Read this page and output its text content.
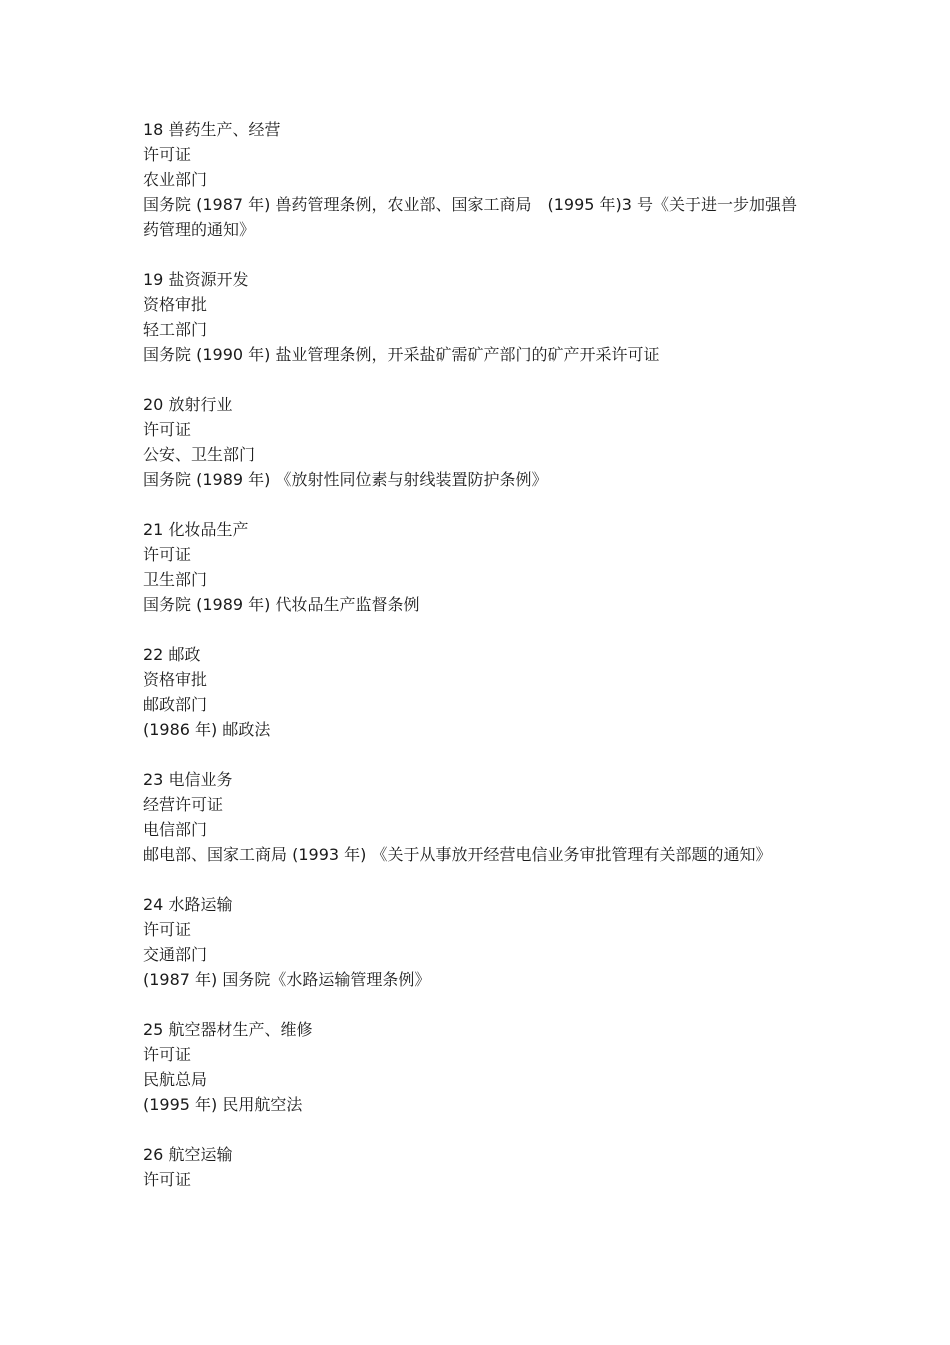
18 兽药生产、经营

许可证

农业部门

国务院 (1987 年) 兽药管理条例，农业部、国家工商局　(1995 年)3 号《关于进一步加强兽药管理的通知》

19 盐资源开发

资格审批

轻工部门

国务院 (1990 年) 盐业管理条例，开采盐矿需矿产部门的矿产开采许可证

20 放射行业

许可证

公安、卫生部门

国务院 (1989 年) 《放射性同位素与射线装置防护条例》

21 化妆品生产

许可证

卫生部门

国务院 (1989 年) 代妆品生产监督条例

22 邮政

资格审批

邮政部门

(1986 年) 邮政法

23 电信业务

经营许可证

电信部门

邮电部、国家工商局 (1993 年) 《关于从事放开经营电信业务审批管理有关部题的通知》

24 水路运输

许可证

交通部门

(1987 年) 国务院《水路运输管理条例》

25 航空器材生产、维修

许可证

民航总局

(1995 年) 民用航空法

26 航空运输

许可证
